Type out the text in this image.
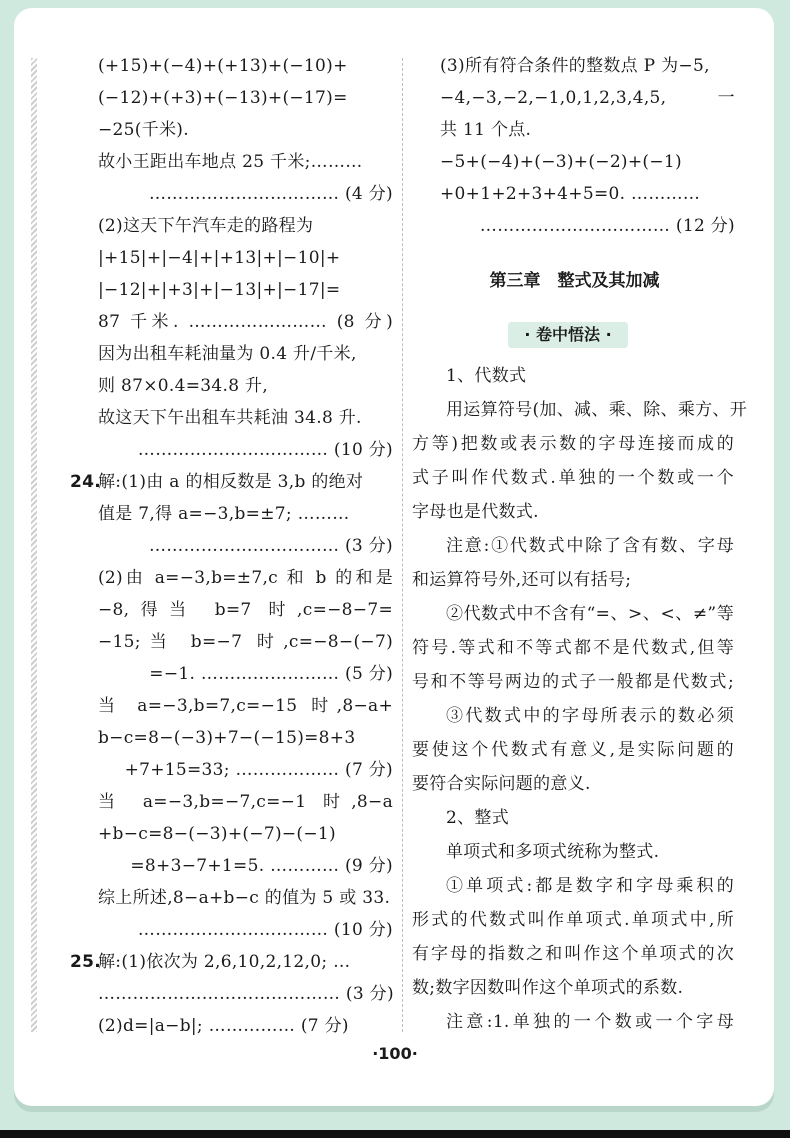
(+15)+(−4)+(+13)+(−10)+
(−12)+(+3)+(−13)+(−17)=
−25(千米).
故小王距出车地点 25 千米;………
…………………………… (4 分)
(2)这天下午汽车走的路程为
|+15|+|−4|+|+13|+|−10|+
|−12|+|+3|+|−13|+|−17|=
87 千米. …………………… (8 分)
因为出租车耗油量为 0.4 升/千米,
则 87×0.4=34.8 升,
故这天下午出租车共耗油 34.8 升.
…………………………… (10 分)
24.
解:(1)由 a 的相反数是 3,b 的绝对
值是 7,得 a=−3,b=±7; ………
…………………………… (3 分)
(2)由 a=−3,b=±7,c 和 b 的和是
−8,得当 b=7 时,c=−8−7=
−15;当 b=−7 时,c=−8−(−7)
=−1. …………………… (5 分)
当 a=−3,b=7,c=−15 时,8−a+
b−c=8−(−3)+7−(−15)=8+3
+7+15=33; ……………… (7 分)
当 a=−3,b=−7,c=−1 时,8−a
+b−c=8−(−3)+(−7)−(−1)
=8+3−7+1=5. ………… (9 分)
综上所述,8−a+b−c 的值为 5 或 33.
…………………………… (10 分)
25.
解:(1)依次为 2,6,10,2,12,0; …
…………………………………… (3 分)
(2)d=|a−b|; …………… (7 分)
(3)所有符合条件的整数点 P 为−5,
−4,−3,−2,−1,0,1,2,3,4,5,一
共 11 个点.
−5+(−4)+(−3)+(−2)+(−1)
+0+1+2+3+4+5=0. …………
…………………………… (12 分)
第三章　整式及其加减
· 卷中悟法 ·
1、代数式
用运算符号(加、减、乘、除、乘方、开
方等)把数或表示数的字母连接而成的
式子叫作代数式.单独的一个数或一个
字母也是代数式.
注意:①代数式中除了含有数、字母
和运算符号外,还可以有括号;
②代数式中不含有“=、>、<、≠”等
符号.等式和不等式都不是代数式,但等
号和不等号两边的式子一般都是代数式;
③代数式中的字母所表示的数必须
要使这个代数式有意义,是实际问题的
要符合实际问题的意义.
2、整式
单项式和多项式统称为整式.
①单项式:都是数字和字母乘积的
形式的代数式叫作单项式.单项式中,所
有字母的指数之和叫作这个单项式的次
数;数字因数叫作这个单项式的系数.
注意:1.单独的一个数或一个字母
·100·
